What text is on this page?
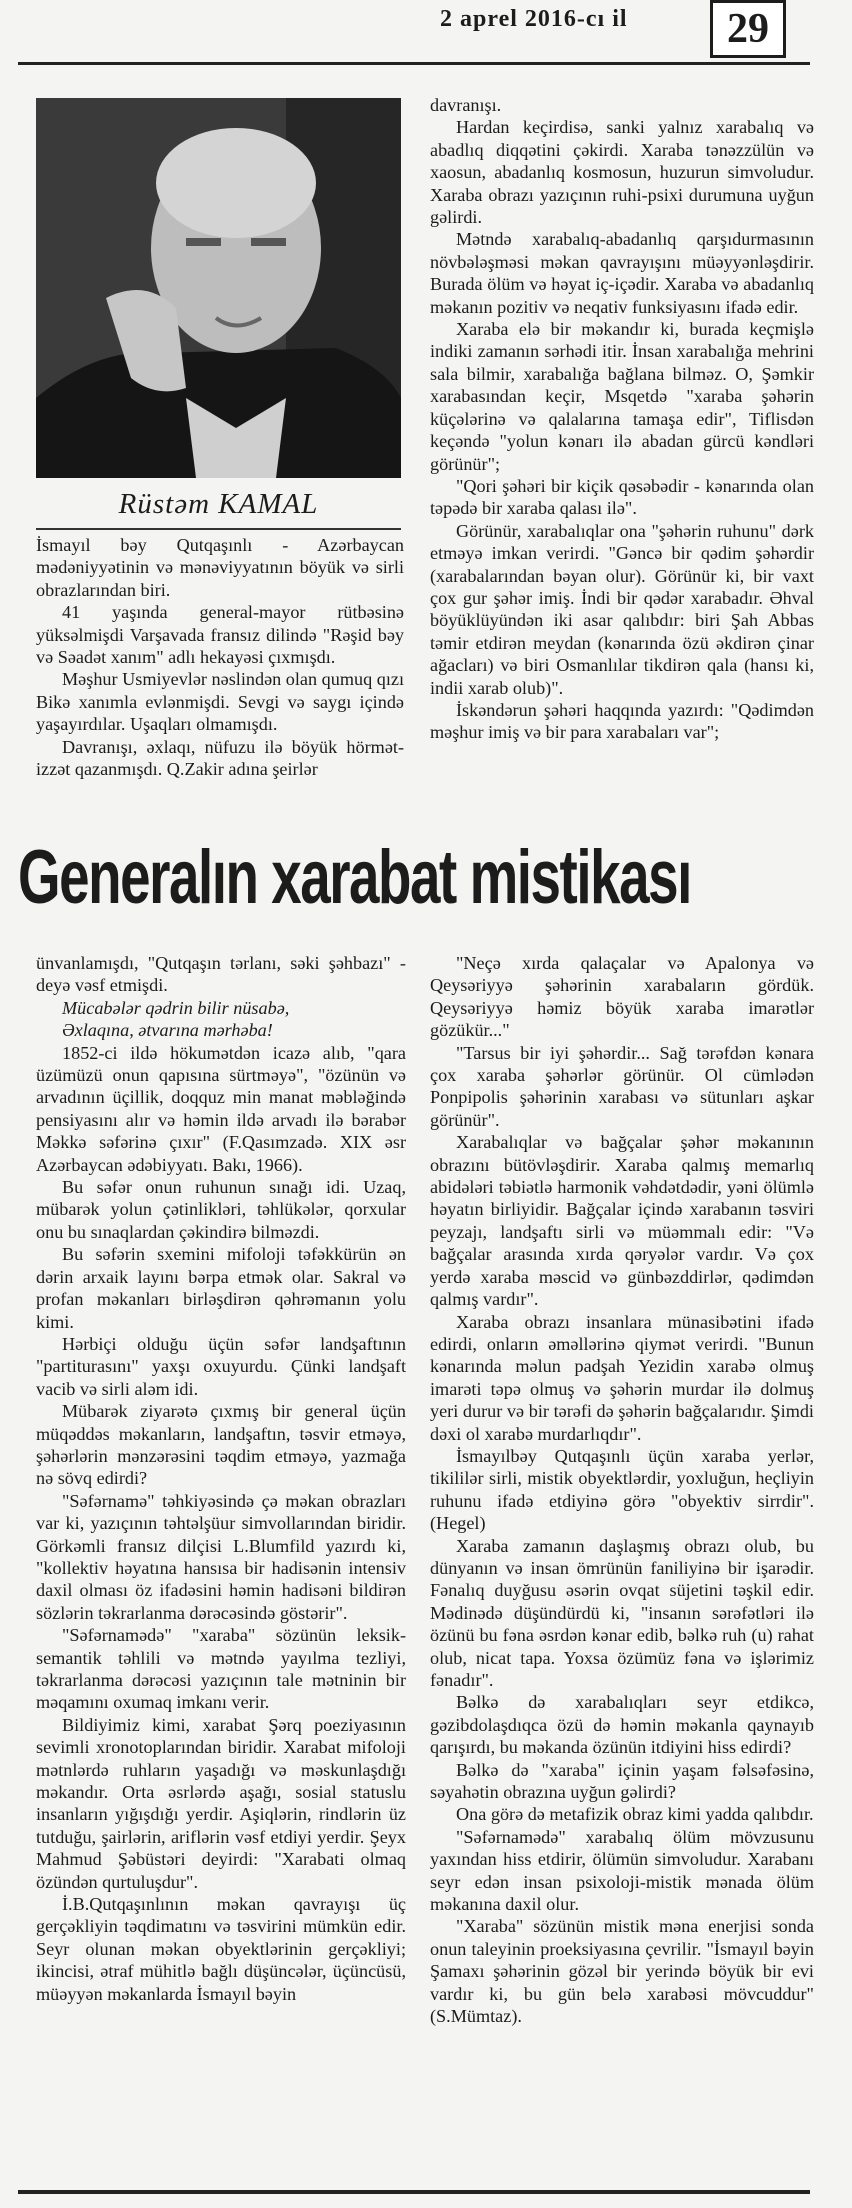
2 aprel 2016-cı il	29
Rüstəm KAMAL

İsmayıl bəy Qutqaşınlı - Azərbaycan mədəniyyətinin və mənəviyyatının böyük və sirli obrazlarından biri.

41 yaşında general-mayor rütbəsinə yüksəlmişdi Varşavada fransız dilində "Rəşid bəy və Səadət xanım" adlı hekayəsi çıxmışdı.

Məşhur Usmiyevlər nəslindən olan qumuq qızı Bikə xanımla evlənmişdi. Sevgi və saygı içində yaşayırdılar. Uşaqları olmamışdı.

Davranışı, əxlaqı, nüfuzu ilə böyük hörmət-izzət qazanmışdı. Q.Zakir adına şeirlər

davranışı.

Hardan keçirdisə, sanki yalnız xarabalıq və abadlıq diqqətini çəkirdi. Xaraba tənəzzülün və xaosun, abadanlıq kosmosun, huzurun simvoludur. Xaraba obrazı yazıçının ruhi-psixi durumuna uyğun gəlirdi.

Mətndə xarabalıq-abadanlıq qarşıdurmasının növbələşməsi məkan qavrayışını müəyyənləşdirir. Burada ölüm və həyat iç-içədir. Xaraba və abadanlıq məkanın pozitiv və neqativ funksiyasını ifadə edir.

Xaraba elə bir məkandır ki, burada keçmişlə indiki zamanın sərhədi itir. İnsan xarabalığa mehrini sala bilmir, xarabalığa bağlana bilməz. O, Şəmkir xarabasından keçir, Msqetdə "xaraba şəhərin küçələrinə və qalalarına tamaşa edir", Tiflisdən keçəndə "yolun kənarı ilə abadan gürcü kəndləri görünür";

"Qori şəhəri bir kiçik qəsəbədir - kənarında olan təpədə bir xaraba qalası ilə".

Görünür, xarabalıqlar ona "şəhərin ruhunu" dərk etməyə imkan verirdi. "Gəncə bir qədim şəhərdir (xarabalarından bəyan olur). Görünür ki, bir vaxt çox gur şəhər imiş. İndi bir qədər xarabadır. Əhval böyüklüyündən iki asar qalıbdır: biri Şah Abbas təmir etdirən meydan (kənarında özü əkdirən çinar ağacları) və biri Osmanlılar tikdirən qala (hansı ki, indii xarab olub)".

İskəndərun şəhəri haqqında yazırdı: "Qədimdən məşhur imiş və bir para xarabaları var";

Generalın xarabat mistikası

ünvanlamışdı, "Qutqaşın tərlanı, səki şəhbazı" - deyə vəsf etmişdi.

Mücabələr qədrin bilir nüsabə,
Əxlaqına, ətvarına mərhəba!

1852-ci ildə hökumətdən icazə alıb, "qara üzümüzü onun qapısına sürtməyə", "özünün və arvadının üçillik, doqquz min manat məbləğində pensiyasını alır və həmin ildə arvadı ilə bərabər Məkkə səfərinə çıxır" (F.Qasımzadə. XIX əsr Azərbaycan ədəbiyyatı. Bakı, 1966).

Bu səfər onun ruhunun sınağı idi. Uzaq, mübarək yolun çətinlikləri, təhlükələr, qorxular onu bu sınaqlardan çəkindirə bilməzdi.

Bu səfərin sxemini mifoloji təfəkkürün ən dərin arxaik layını bərpa etmək olar. Sakral və profan məkanları birləşdirən qəhrəmanın yolu kimi.

Hərbiçi olduğu üçün səfər landşaftının "partiturasını" yaxşı oxuyurdu. Çünki landşaft vacib və sirli aləm idi.

Mübarək ziyarətə çıxmış bir general üçün müqəddəs məkanların, landşaftın, təsvir etməyə, şəhərlərin mənzərəsini təqdim etməyə, yazmağa nə sövq edirdi?

"Səfərnamə" təhkiyəsində çə məkan obrazları var ki, yazıçının təhtəlşüur simvollarından biridir. Görkəmli fransız dilçisi L.Blumfild yazırdı ki, "kollektiv həyatına hansısa bir hadisənin intensiv daxil olması öz ifadəsini həmin hadisəni bildirən sözlərin təkrarlanma dərəcəsində göstərir".

"Səfərnamədə" "xaraba" sözünün leksik-semantik təhlili və mətndə yayılma tezliyi, təkrarlanma dərəcəsi yazıçının tale mətninin bir məqamını oxumaq imkanı verir.

Bildiyimiz kimi, xarabat Şərq poeziyasının sevimli xronotoplarından biridir. Xarabat mifoloji mətnlərdə ruhların yaşadığı və məskunlaşdığı məkandır. Orta əsrlərdə aşağı, sosial statuslu insanların yığışdığı yerdir. Aşiqlərin, rindlərin üz tutduğu, şairlərin, ariflərin vəsf etdiyi yerdir. Şeyx Mahmud Şəbüstəri deyirdi: "Xarabati olmaq özündən qurtuluşdur".

İ.B.Qutqaşınlının məkan qavrayışı üç gerçəkliyin təqdimatını və təsvirini mümkün edir. Seyr olunan məkan obyektlərinin gerçəkliyi; ikincisi, ətraf mühitlə bağlı düşüncələr, üçüncüsü, müəyyən məkanlarda İsmayıl bəyin

"Neçə xırda qalaçalar və Apalonya və Qeysəriyyə şəhərinin xarabaların gördük. Qeysəriyyə həmiz böyük xaraba imarətlər gözükür..."

"Tarsus bir iyi şəhərdir... Sağ tərəfdən kənara çox xaraba şəhərlər görünür. Ol cümlədən Ponpipolis şəhərinin xarabası və sütunları aşkar görünür".

Xarabalıqlar və bağçalar şəhər məkanının obrazını bütövləşdirir. Xaraba qalmış memarlıq abidələri təbiətlə harmonik vəhdətdədir, yəni ölümlə həyatın birliyidir. Bağçalar içində xarabanın təsviri peyzajı, landşaftı sirli və müəmmalı edir: "Və bağçalar arasında xırda qəryələr vardır. Və çox yerdə xaraba məscid və günbəzddirlər, qədimdən qalmış vardır".

Xaraba obrazı insanlara münasibətini ifadə edirdi, onların əməllərinə qiymət verirdi. "Bunun kənarında məlun padşah Yezidin xarabə olmuş imarəti təpə olmuş və şəhərin murdar ilə dolmuş yeri durur və bir tərəfi də şəhərin bağçalarıdır. Şimdi dəxi ol xarabə murdarlıqdır".

İsmayılbəy Qutqaşınlı üçün xaraba yerlər, tikililər sirli, mistik obyektlərdir, yoxluğun, heçliyin ruhunu ifadə etdiyinə görə "obyektiv sirrdir". (Hegel)

Xaraba zamanın daşlaşmış obrazı olub, bu dünyanın və insan ömrünün faniliyinə bir işarədir. Fənalıq duyğusu əsərin ovqat süjetini təşkil edir. Mədinədə düşündürdü ki, "insanın sərəfətləri ilə özünü bu fəna əsrdən kənar edib, bəlkə ruh (u) rahat olub, nicat tapa. Yoxsa özümüz fəna və işlərimiz fənadır".

Bəlkə də xarabalıqları seyr etdikcə, gəzibdolaşdıqca özü də həmin məkanla qaynayıb qarışırdı, bu məkanda özünün itdiyini hiss edirdi?

Bəlkə də "xaraba" içinin yaşam fəlsəfəsinə, səyahətin obrazına uyğun gəlirdi?

Ona görə də metafizik obraz kimi yadda qalıbdır.

"Səfərnamədə" xarabalıq ölüm mövzusunu yaxından hiss etdirir, ölümün simvoludur. Xarabanı seyr edən insan psixoloji-mistik mənada ölüm məkanına daxil olur.

"Xaraba" sözünün mistik məna enerjisi sonda onun taleyinin proeksiyasına çevrilir. "İsmayıl bəyin Şamaxı şəhərinin gözəl bir yerində böyük bir evi vardır ki, bu gün belə xarabəsi mövcuddur" (S.Mümtaz).
